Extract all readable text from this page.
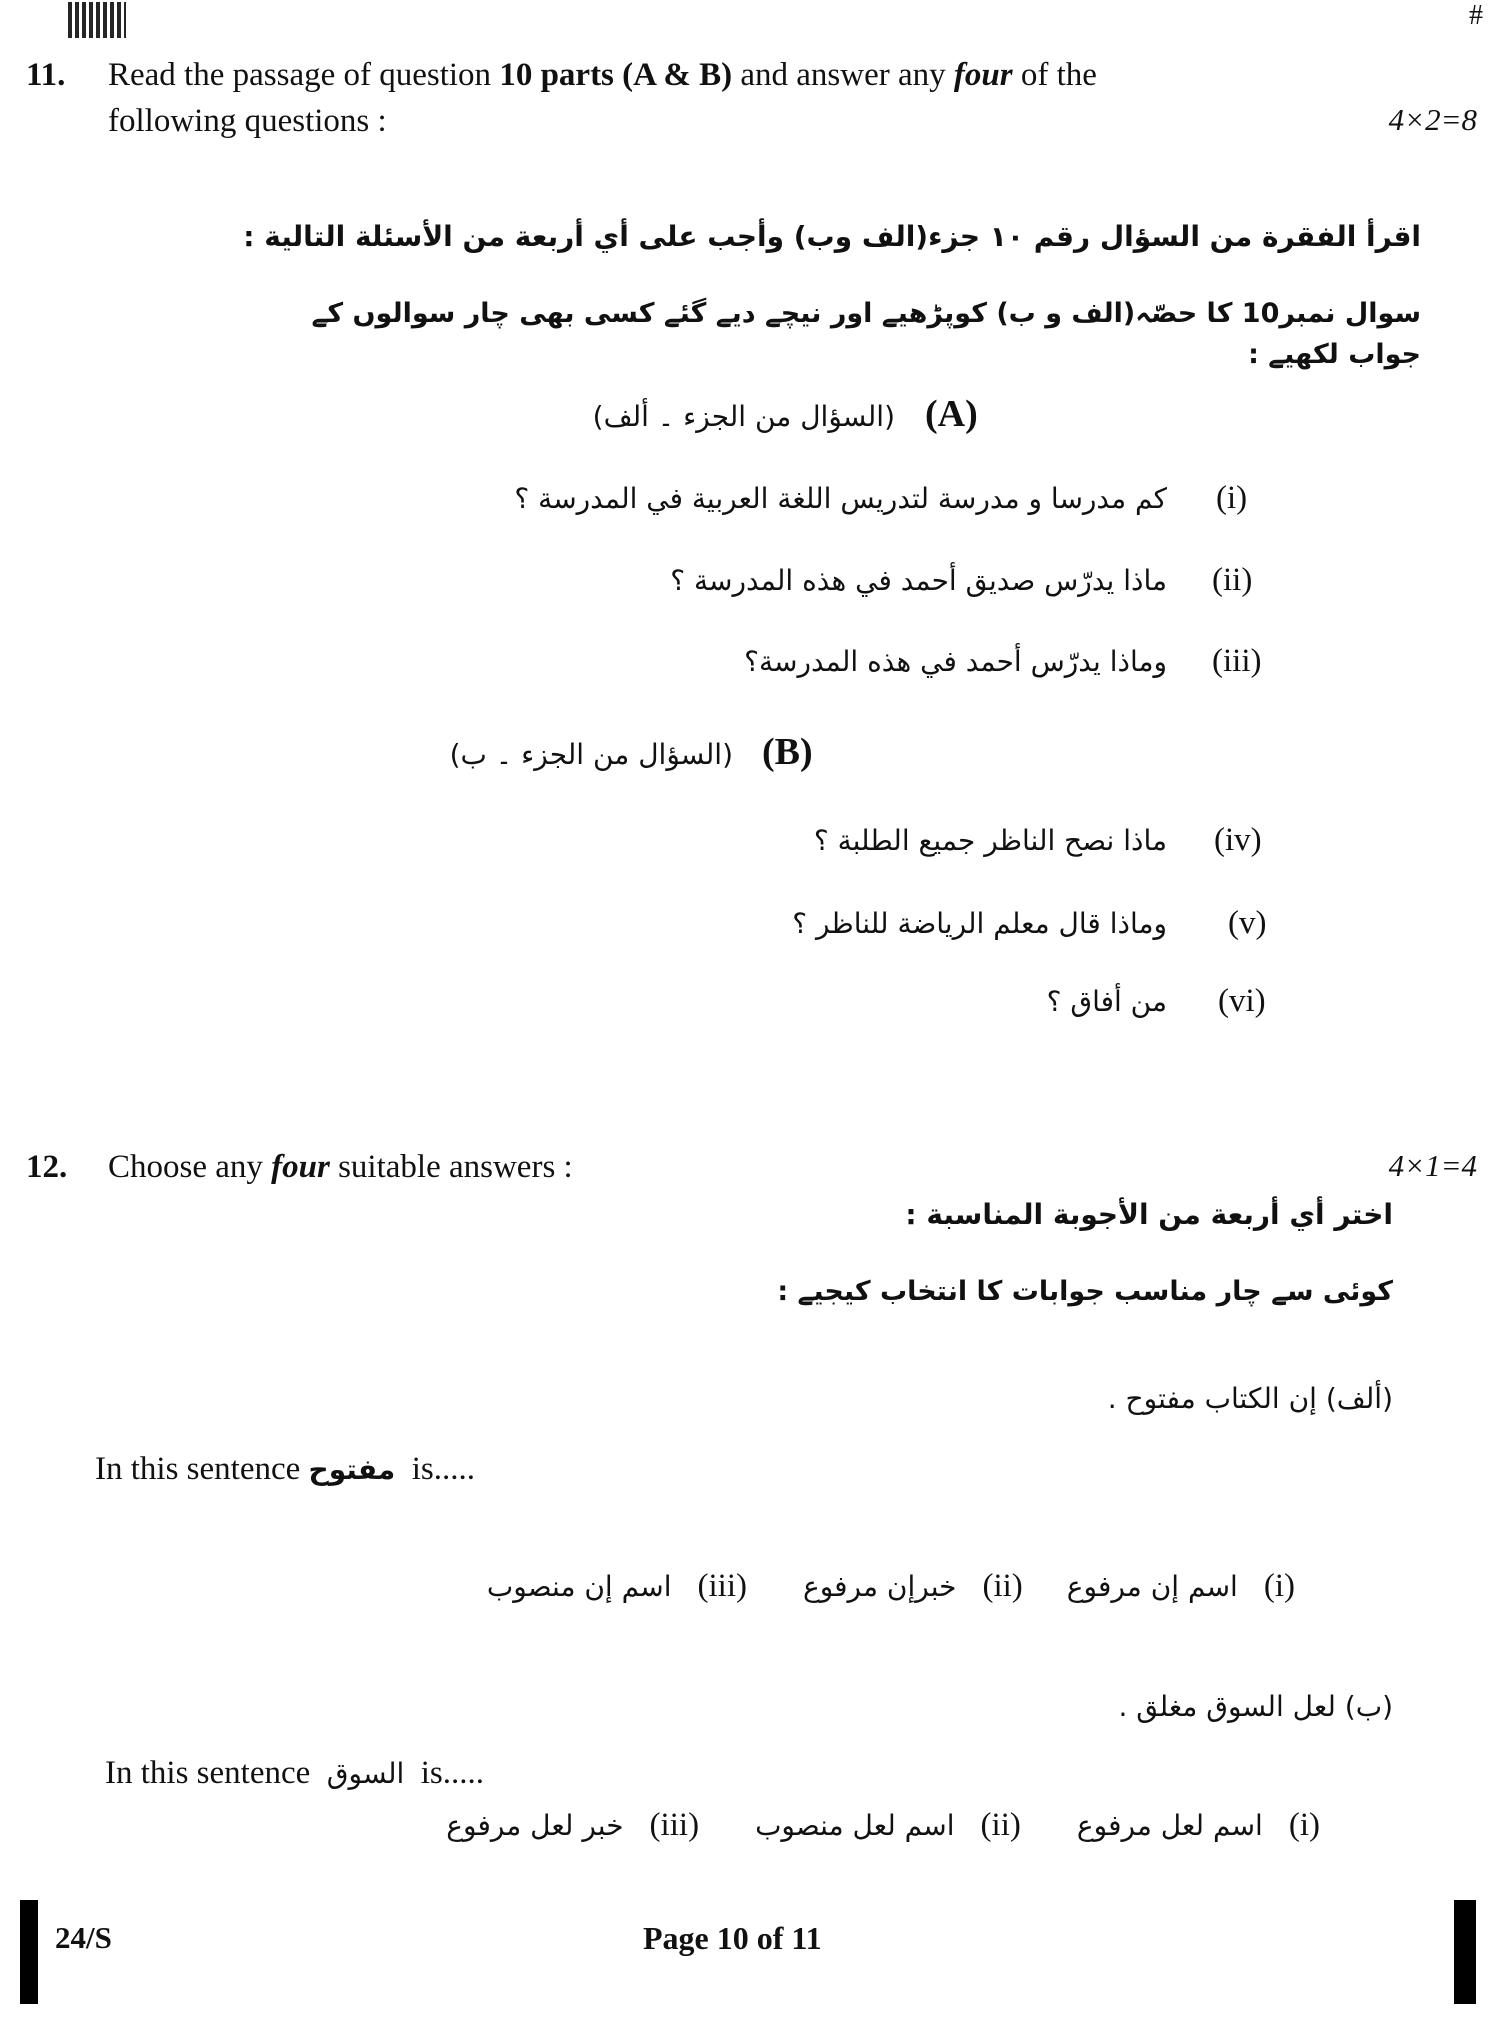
#
11. Read the passage of question 10 parts (A & B) and answer any four of the
following questions :	4×2=8
اقرأ الفقرة من السؤال رقم ١٠ جزء(الف وب) وأجب على أي أربعة من الأسئلة التالية :
سوال نمبر10 کا حصّہ(الف و ب) کوپڑھیے اور نیچے دیے گئے کسی بھی چار سوالوں کے جواب لکھیے :
(A)
(السؤال من الجزء ۔ ألف)
(i)
كم مدرسا و مدرسة لتدريس اللغة العربية في المدرسة ؟
(ii)
ماذا يدرّس صديق أحمد في هذه المدرسة ؟
(iii)
وماذا يدرّس أحمد في هذه المدرسة؟
(B)
(السؤال من الجزء ۔ ب)
(iv)
ماذا نصح الناظر جميع الطلبة ؟
(v)
وماذا قال معلم الرياضة للناظر ؟
(vi)
من أفاق ؟
12. Choose any four suitable answers :	4×1=4
اختر أي أربعة من الأجوبة المناسبة :
کوئی سے چار مناسب جوابات کا انتخاب کیجیے :
(ألف) إن الكتاب مفتوح .
In this sentence مفتوح is.....
(i)
اسم إن مرفوع
(ii)
خبرإن مرفوع
(iii)
اسم إن منصوب
(ب) لعل السوق مغلق .
In this sentence السوق is.....
(i)
اسم لعل مرفوع
(ii)
اسم لعل منصوب
(iii)
خبر لعل مرفوع
24/S	Page 10 of 11
